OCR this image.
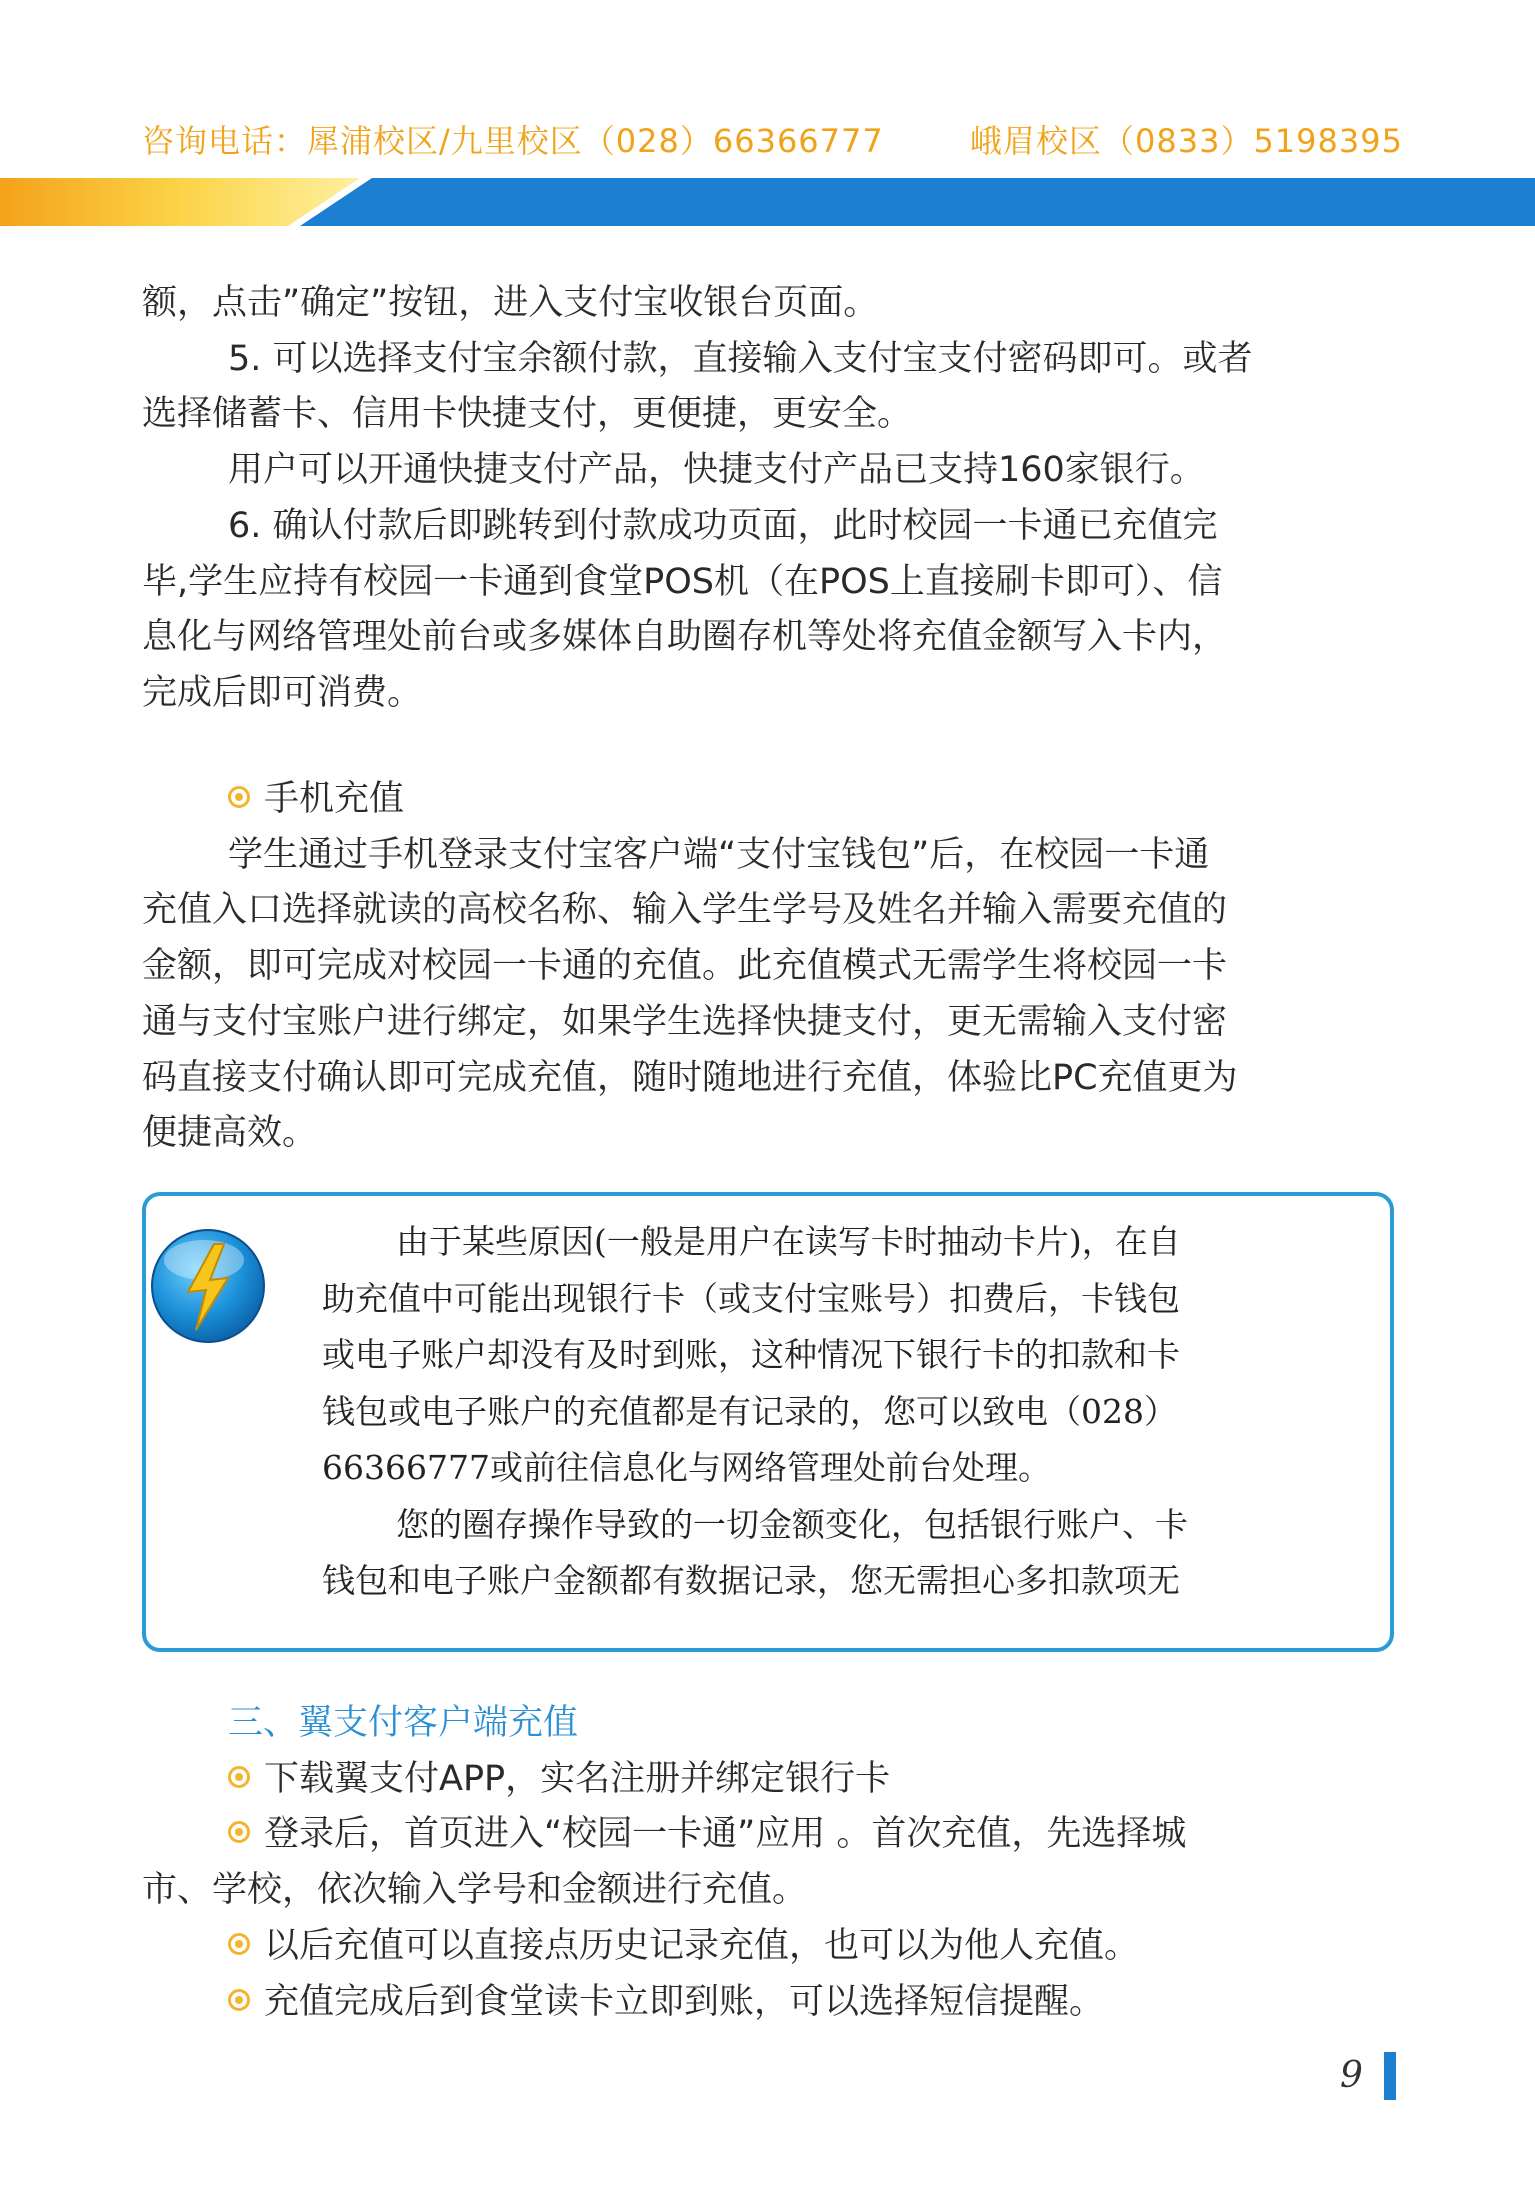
咨询电话：犀浦校区/九里校区（028）66366777	峨眉校区（0833）5198395

额，点击”确定”按钮，进入支付宝收银台页面。

5. 可以选择支付宝余额付款，直接输入支付宝支付密码即可。或者

选择储蓄卡、信用卡快捷支付，更便捷，更安全。

用户可以开通快捷支付产品，快捷支付产品已支持160家银行。

6. 确认付款后即跳转到付款成功页面，此时校园一卡通已充值完

毕,学生应持有校园一卡通到食堂POS机（在POS上直接刷卡即可）、信

息化与网络管理处前台或多媒体自助圈存机等处将充值金额写入卡内，

完成后即可消费。

手机充值

学生通过手机登录支付宝客户端“支付宝钱包”后，在校园一卡通

充值入口选择就读的高校名称、输入学生学号及姓名并输入需要充值的

金额，即可完成对校园一卡通的充值。此充值模式无需学生将校园一卡

通与支付宝账户进行绑定，如果学生选择快捷支付，更无需输入支付密

码直接支付确认即可完成充值，随时随地进行充值，体验比PC充值更为

便捷高效。

由于某些原因(一般是用户在读写卡时抽动卡片)，在自

助充值中可能出现银行卡（或支付宝账号）扣费后，卡钱包

或电子账户却没有及时到账，这种情况下银行卡的扣款和卡

钱包或电子账户的充值都是有记录的，您可以致电（028）

66366777或前往信息化与网络管理处前台处理。

您的圈存操作导致的一切金额变化，包括银行账户、卡

钱包和电子账户金额都有数据记录，您无需担心多扣款项无

三、翼支付客户端充值

下载翼支付APP，实名注册并绑定银行卡

登录后，首页进入“校园一卡通”应用 。首次充值，先选择城

市、学校，依次输入学号和金额进行充值。

以后充值可以直接点历史记录充值，也可以为他人充值。

充值完成后到食堂读卡立即到账，可以选择短信提醒。

9
